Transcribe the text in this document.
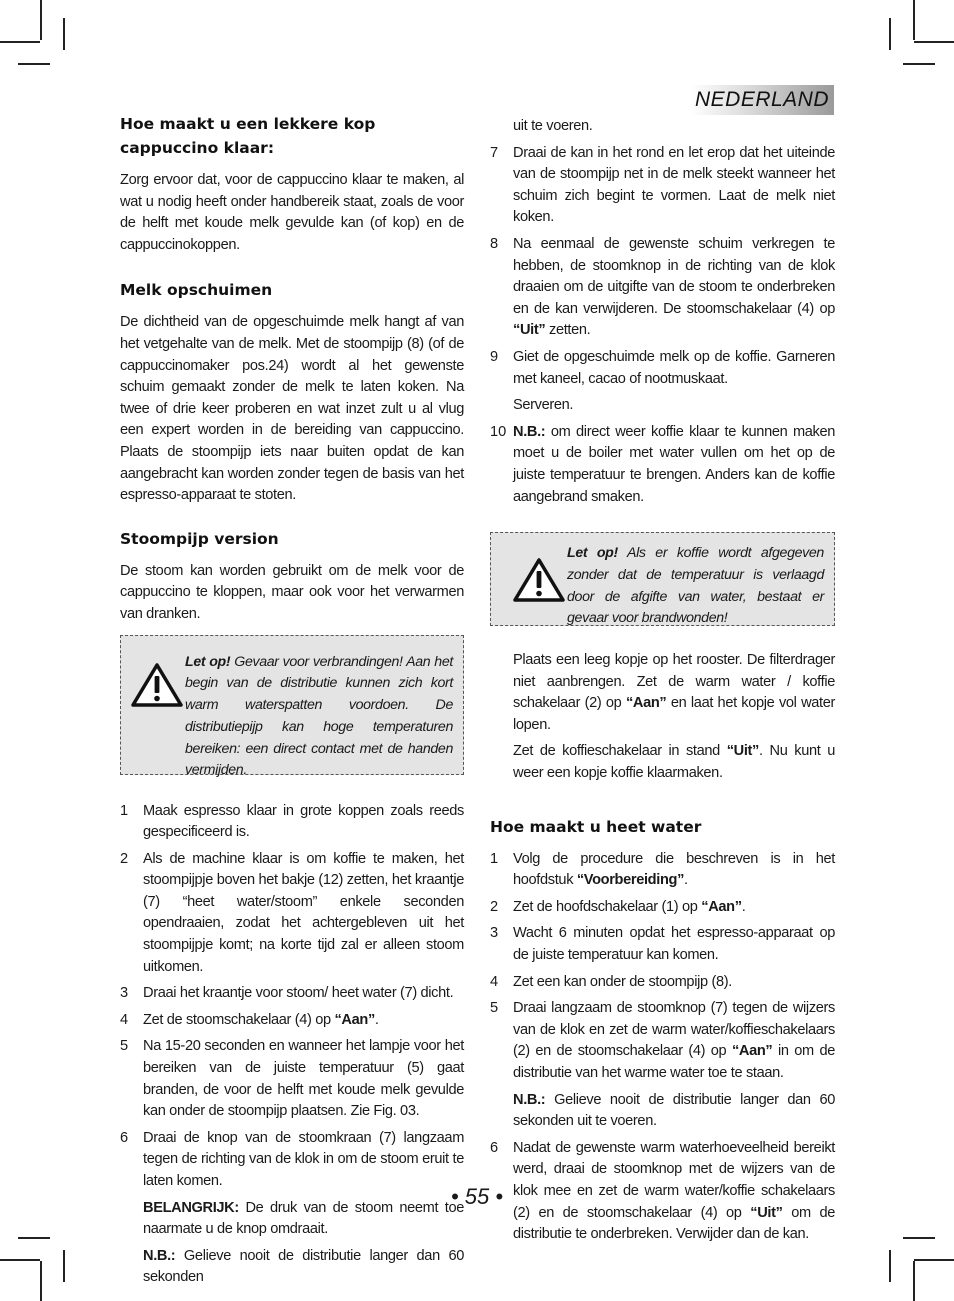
NEDERLAND
Hoe maakt u een lekkere kop cappuccino klaar:

Zorg ervoor dat, voor de cappuccino klaar te maken, al wat u nodig heeft onder handbereik staat, zoals de voor de helft met koude melk gevulde kan (of kop) en de cappuccinokoppen.

Melk opschuimen

De dichtheid van de opgeschuimde melk hangt af van het vetgehalte van de melk. Met de stoompijp (8) (of de cappuccinomaker pos.24) wordt al het gewenste schuim gemaakt zonder de melk te laten koken. Na twee of drie keer proberen en wat inzet zult u al vlug een expert worden in de bereiding van cappuccino. Plaats de stoompijp iets naar buiten opdat de kan aangebracht kan worden zonder tegen de basis van het espresso-apparaat te stoten.

Stoompijp version

De stoom kan worden gebruikt om de melk voor de cappuccino te kloppen, maar ook voor het verwarmen van dranken.

Let op! Gevaar voor verbrandingen! Aan het begin van de distributie kunnen zich kort warm waterspatten voordoen. De distributiepijp kan hoge temperaturen bereiken: een direct contact met de handen vermijden.
1	Maak espresso klaar in grote koppen zoals reeds gespecificeerd is.

2	Als de machine klaar is om koffie te maken, het stoompijpje boven het bakje (12) zetten, het kraantje (7) “heet water/stoom” enkele seconden opendraaien, zodat het achtergebleven uit het stoompijpje komt; na korte tijd zal er alleen stoom uitkomen.

3	Draai het kraantje voor stoom/ heet water (7) dicht.

4	Zet de stoomschakelaar (4) op “Aan”.

5	Na 15-20 seconden en wanneer het lampje voor het bereiken van de juiste temperatuur (5) gaat branden, de voor de helft met koude melk gevulde kan onder de stoompijp plaatsen. Zie Fig. 03.

6	Draai de knop van de stoomkraan (7) langzaam tegen de richting van de klok in om de stoom eruit te laten komen.

BELANGRIJK: De druk van de stoom neemt toe naarmate u de knop omdraait.

N.B.: Gelieve nooit de distributie langer dan 60 sekonden

uit te voeren.

7	Draai de kan in het rond en let erop dat het uiteinde van de stoompijp net in de melk steekt wanneer het schuim zich begint te vormen. Laat de melk niet koken.

8	Na eenmaal de gewenste schuim verkregen te hebben, de stoomknop in de richting van de klok draaien om de uitgifte van de stoom te onderbreken en de kan verwijderen. De stoomschakelaar (4) op “Uit” zetten.

9	Giet de opgeschuimde melk op de koffie. Garneren met kaneel, cacao of nootmuskaat.

Serveren.

10 N.B.: om direct weer koffie klaar te kunnen maken moet u de boiler met water vullen om het op de juiste temperatuur te brengen. Anders kan de koffie aangebrand smaken.

Let op! Als er koffie wordt afgegeven zonder dat de temperatuur is verlaagd door de afgifte van water, bestaat er gevaar voor brandwonden!

Plaats een leeg kopje op het rooster. De filterdrager niet aanbrengen. Zet de warm water / koffie schakelaar (2) op “Aan” en laat het kopje vol water lopen.

Zet de koffieschakelaar in stand “Uit”. Nu kunt u weer een kopje koffie klaarmaken.

Hoe maakt u heet water
1	Volg de procedure die beschreven is in het hoofdstuk “Voorbereiding”.

2	Zet de hoofdschakelaar (1) op “Aan”.

3	Wacht 6 minuten opdat het espresso-apparaat op de juiste temperatuur kan komen.

4	Zet een kan onder de stoompijp (8).

5	Draai langzaam de stoomknop (7) tegen de wijzers van de klok en zet de warm water/koffieschakelaars (2) en de stoomschakelaar (4) op “Aan” in om de distributie van het warme water toe te staan.

N.B.: Gelieve nooit de distributie langer dan 60 sekonden uit te voeren.

6	Nadat de gewenste warm waterhoeveelheid bereikt werd, draai de stoomknop met de wijzers van de klok mee en zet de warm water/koffie schakelaars (2) en de stoomschakelaar (4) op “Uit” om de distributie te onderbreken. Verwijder dan de kan.

• 55 •
